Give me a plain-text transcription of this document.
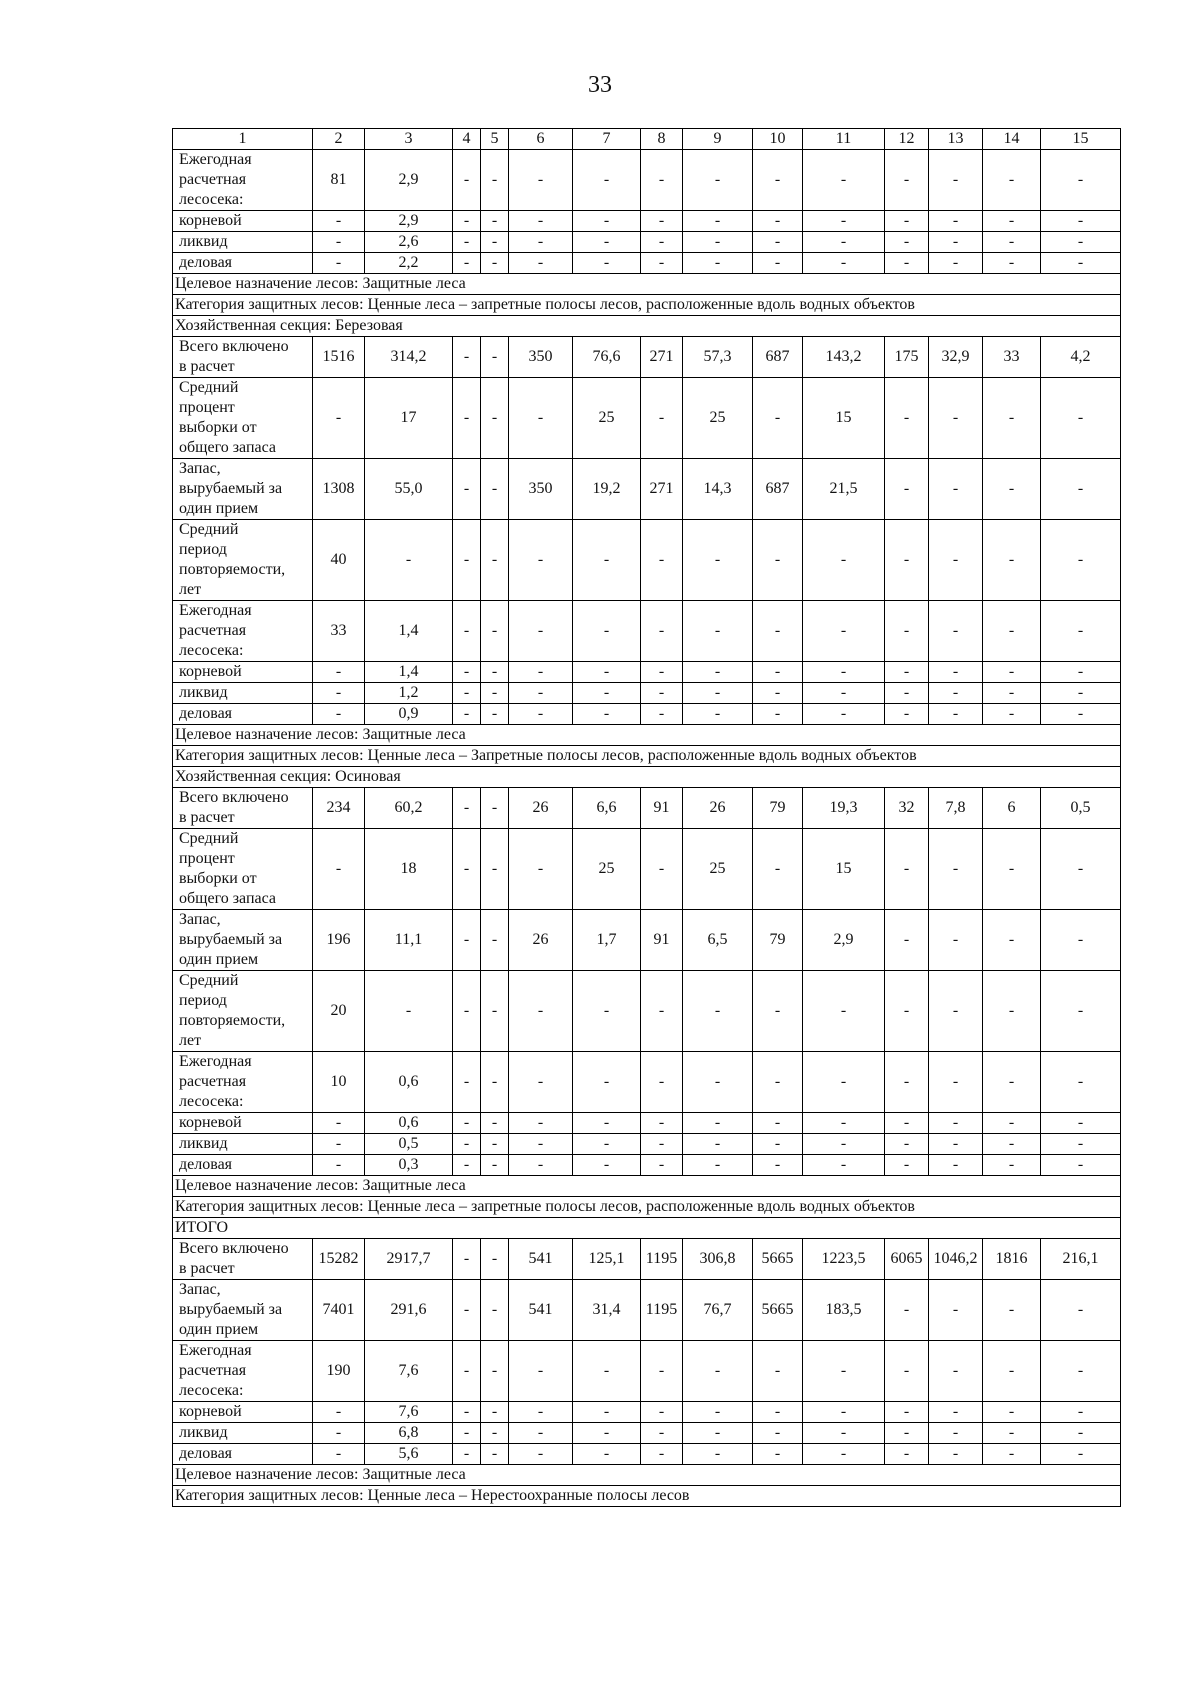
33
1	2	3	4	5	6	7	8	9	10	11	12	13	14	15

Ежегодная
расчетная
лесосека:	81	2,9	-	-	-	-	-	-	-	-	-	-	-	-

корневой	-	2,9	-	-	-	-	-	-	-	-	-	-	-	-

ликвид	-	2,6	-	-	-	-	-	-	-	-	-	-	-	-

деловая	-	2,2	-	-	-	-	-	-	-	-	-	-	-	-
Целевое назначение лесов: Защитные леса														
Категория защитных лесов: Ценные леса – запретные полосы лесов, расположенные вдоль водных объектов														
Хозяйственная секция: Березовая														

Всего включено
в расчет	1516	314,2	-	-	350	76,6	271	57,3	687	143,2	175	32,9	33	4,2

Средний
процент
выборки от
общего запаса	-	17	-	-	-	25	-	25	-	15	-	-	-	-

Запас,
вырубаемый за
один прием	1308	55,0	-	-	350	19,2	271	14,3	687	21,5	-	-	-	-

Средний
период
повторяемости,
лет	40	-	-	-	-	-	-	-	-	-	-	-	-	-

Ежегодная
расчетная
лесосека:	33	1,4	-	-	-	-	-	-	-	-	-	-	-	-

корневой	-	1,4	-	-	-	-	-	-	-	-	-	-	-	-

ликвид	-	1,2	-	-	-	-	-	-	-	-	-	-	-	-

деловая	-	0,9	-	-	-	-	-	-	-	-	-	-	-	-
Целевое назначение лесов: Защитные леса														
Категория защитных лесов: Ценные леса – Запретные полосы лесов, расположенные вдоль водных объектов														
Хозяйственная секция: Осиновая														

Всего включено
в расчет	234	60,2	-	-	26	6,6	91	26	79	19,3	32	7,8	6	0,5

Средний
процент
выборки от
общего запаса	-	18	-	-	-	25	-	25	-	15	-	-	-	-

Запас,
вырубаемый за
один прием	196	11,1	-	-	26	1,7	91	6,5	79	2,9	-	-	-	-

Средний
период
повторяемости,
лет	20	-	-	-	-	-	-	-	-	-	-	-	-	-

Ежегодная
расчетная
лесосека:	10	0,6	-	-	-	-	-	-	-	-	-	-	-	-

корневой	-	0,6	-	-	-	-	-	-	-	-	-	-	-	-

ликвид	-	0,5	-	-	-	-	-	-	-	-	-	-	-	-

деловая	-	0,3	-	-	-	-	-	-	-	-	-	-	-	-
Целевое назначение лесов: Защитные леса														
Категория защитных лесов: Ценные леса – запретные полосы лесов, расположенные вдоль водных объектов														
ИТОГО														

Всего включено
в расчет	15282	2917,7	-	-	541	125,1	1195	306,8	5665	1223,5	6065	1046,2	1816	216,1

Запас,
вырубаемый за
один прием	7401	291,6	-	-	541	31,4	1195	76,7	5665	183,5	-	-	-	-

Ежегодная
расчетная
лесосека:	190	7,6	-	-	-	-	-	-	-	-	-	-	-	-

корневой	-	7,6	-	-	-	-	-	-	-	-	-	-	-	-

ликвид	-	6,8	-	-	-	-	-	-	-	-	-	-	-	-

деловая	-	5,6	-	-	-	-	-	-	-	-	-	-	-	-
Целевое назначение лесов: Защитные леса														
Категория защитных лесов: Ценные леса – Нерестоохранные полосы лесов														
